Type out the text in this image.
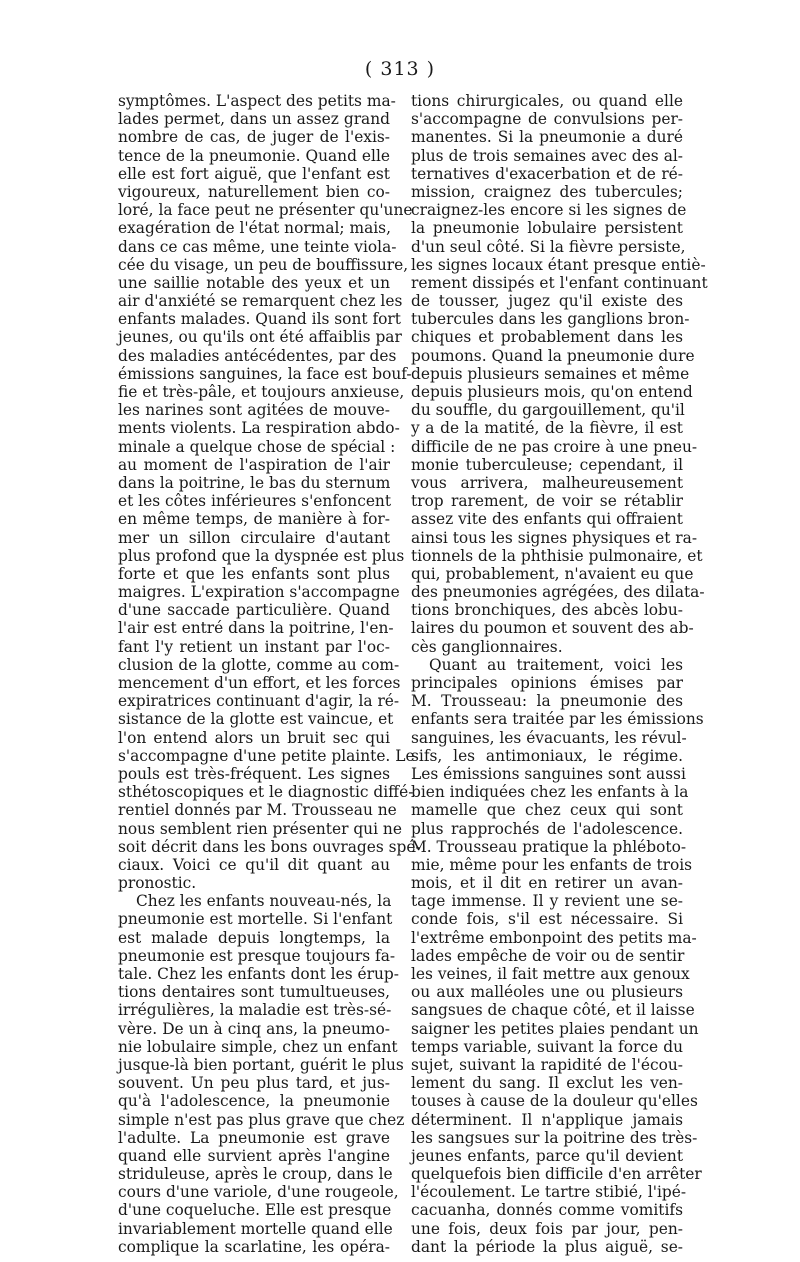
( 313 )
symptômes. L'aspect des petits ma-
lades permet, dans un assez grand
nombre de cas, de juger de l'exis-
tence de la pneumonie. Quand elle
elle est fort aiguë, que l'enfant est
vigoureux, naturellement bien co-
loré, la face peut ne présenter qu'une
exagération de l'état normal; mais,
dans ce cas même, une teinte viola-
cée du visage, un peu de bouffissure,
une saillie notable des yeux et un
air d'anxiété se remarquent chez les
enfants malades. Quand ils sont fort
jeunes, ou qu'ils ont été affaiblis par
des maladies antécédentes, par des
émissions sanguines, la face est bouf-
fie et très-pâle, et toujours anxieuse,
les narines sont agitées de mouve-
ments violents. La respiration abdo-
minale a quelque chose de spécial :
au moment de l'aspiration de l'air
dans la poitrine, le bas du sternum
et les côtes inférieures s'enfoncent
en même temps, de manière à for-
mer un sillon circulaire d'autant
plus profond que la dyspnée est plus
forte et que les enfants sont plus
maigres. L'expiration s'accompagne
d'une saccade particulière. Quand
l'air est entré dans la poitrine, l'en-
fant l'y retient un instant par l'oc-
clusion de la glotte, comme au com-
mencement d'un effort, et les forces
expiratrices continuant d'agir, la ré-
sistance de la glotte est vaincue, et
l'on entend alors un bruit sec qui
s'accompagne d'une petite plainte. Le
pouls est très-fréquent. Les signes
sthétoscopiques et le diagnostic diffé-
rentiel donnés par M. Trousseau ne
nous semblent rien présenter qui ne
soit décrit dans les bons ouvrages spé-
ciaux. Voici ce qu'il dit quant au
pronostic.
Chez les enfants nouveau-nés, la
pneumonie est mortelle. Si l'enfant
est malade depuis longtemps, la
pneumonie est presque toujours fa-
tale. Chez les enfants dont les érup-
tions dentaires sont tumultueuses,
irrégulières, la maladie est très-sé-
vère. De un à cinq ans, la pneumo-
nie lobulaire simple, chez un enfant
jusque-là bien portant, guérit le plus
souvent. Un peu plus tard, et jus-
qu'à l'adolescence, la pneumonie
simple n'est pas plus grave que chez
l'adulte. La pneumonie est grave
quand elle survient après l'angine
striduleuse, après le croup, dans le
cours d'une variole, d'une rougeole,
d'une coqueluche. Elle est presque
invariablement mortelle quand elle
complique la scarlatine, les opéra-
tions chirurgicales, ou quand elle
s'accompagne de convulsions per-
manentes. Si la pneumonie a duré
plus de trois semaines avec des al-
ternatives d'exacerbation et de ré-
mission, craignez des tubercules;
craignez-les encore si les signes de
la pneumonie lobulaire persistent
d'un seul côté. Si la fièvre persiste,
les signes locaux étant presque entiè-
rement dissipés et l'enfant continuant
de tousser, jugez qu'il existe des
tubercules dans les ganglions bron-
chiques et probablement dans les
poumons. Quand la pneumonie dure
depuis plusieurs semaines et même
depuis plusieurs mois, qu'on entend
du souffle, du gargouillement, qu'il
y a de la matité, de la fièvre, il est
difficile de ne pas croire à une pneu-
monie tuberculeuse; cependant, il
vous arrivera, malheureusement
trop rarement, de voir se rétablir
assez vite des enfants qui offraient
ainsi tous les signes physiques et ra-
tionnels de la phthisie pulmonaire, et
qui, probablement, n'avaient eu que
des pneumonies agrégées, des dilata-
tions bronchiques, des abcès lobu-
laires du poumon et souvent des ab-
cès ganglionnaires.
Quant au traitement, voici les
principales opinions émises par
M. Trousseau: la pneumonie des
enfants sera traitée par les émissions
sanguines, les évacuants, les révul-
sifs, les antimoniaux, le régime.
Les émissions sanguines sont aussi
bien indiquées chez les enfants à la
mamelle que chez ceux qui sont
plus rapprochés de l'adolescence.
M. Trousseau pratique la phléboto-
mie, même pour les enfants de trois
mois, et il dit en retirer un avan-
tage immense. Il y revient une se-
conde fois, s'il est nécessaire. Si
l'extrême embonpoint des petits ma-
lades empêche de voir ou de sentir
les veines, il fait mettre aux genoux
ou aux malléoles une ou plusieurs
sangsues de chaque côté, et il laisse
saigner les petites plaies pendant un
temps variable, suivant la force du
sujet, suivant la rapidité de l'écou-
lement du sang. Il exclut les ven-
touses à cause de la douleur qu'elles
déterminent. Il n'applique jamais
les sangsues sur la poitrine des très-
jeunes enfants, parce qu'il devient
quelquefois bien difficile d'en arrêter
l'écoulement. Le tartre stibié, l'ipé-
cacuanha, donnés comme vomitifs
une fois, deux fois par jour, pen-
dant la période la plus aiguë, se-
